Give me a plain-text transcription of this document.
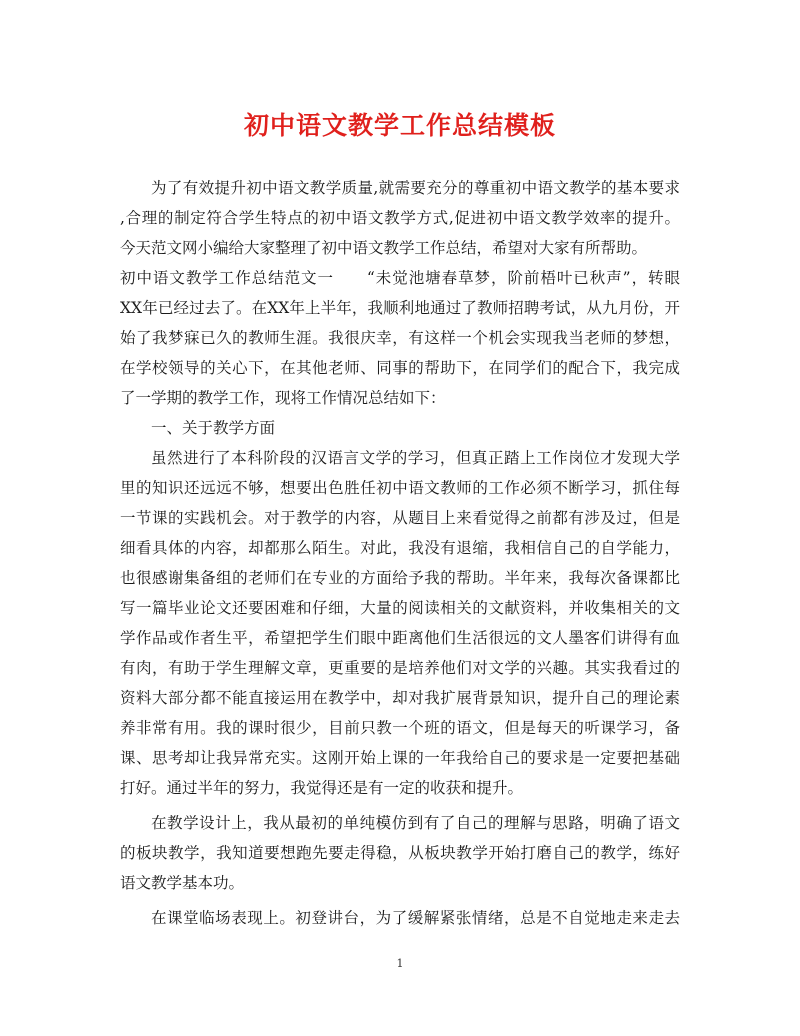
初中语文教学工作总结模板
为了有效提升初中语文教学质量,就需要充分的尊重初中语文教学的基本要求
,合理的制定符合学生特点的初中语文教学方式,促进初中语文教学效率的提升。
今天范文网小编给大家整理了初中语文教学工作总结，希望对大家有所帮助。
初中语文教学工作总结范文一　　“未觉池塘春草梦，阶前梧叶已秋声”，转眼
XX年已经过去了。在XX年上半年，我顺利地通过了教师招聘考试，从九月份，开
始了我梦寐已久的教师生涯。我很庆幸，有这样一个机会实现我当老师的梦想，
在学校领导的关心下，在其他老师、同事的帮助下，在同学们的配合下，我完成
了一学期的教学工作，现将工作情况总结如下：
一、关于教学方面
虽然进行了本科阶段的汉语言文学的学习，但真正踏上工作岗位才发现大学
里的知识还远远不够，想要出色胜任初中语文教师的工作必须不断学习，抓住每
一节课的实践机会。对于教学的内容，从题目上来看觉得之前都有涉及过，但是
细看具体的内容，却都那么陌生。对此，我没有退缩，我相信自己的自学能力，
也很感谢集备组的老师们在专业的方面给予我的帮助。半年来，我每次备课都比
写一篇毕业论文还要困难和仔细，大量的阅读相关的文献资料，并收集相关的文
学作品或作者生平，希望把学生们眼中距离他们生活很远的文人墨客们讲得有血
有肉，有助于学生理解文章，更重要的是培养他们对文学的兴趣。其实我看过的
资料大部分都不能直接运用在教学中，却对我扩展背景知识，提升自己的理论素
养非常有用。我的课时很少，目前只教一个班的语文，但是每天的听课学习，备
课、思考却让我异常充实。这刚开始上课的一年我给自己的要求是一定要把基础
打好。通过半年的努力，我觉得还是有一定的收获和提升。
在教学设计上，我从最初的单纯模仿到有了自己的理解与思路，明确了语文
的板块教学，我知道要想跑先要走得稳，从板块教学开始打磨自己的教学，练好
语文教学基本功。
在课堂临场表现上。初登讲台，为了缓解紧张情绪，总是不自觉地走来走去
1
